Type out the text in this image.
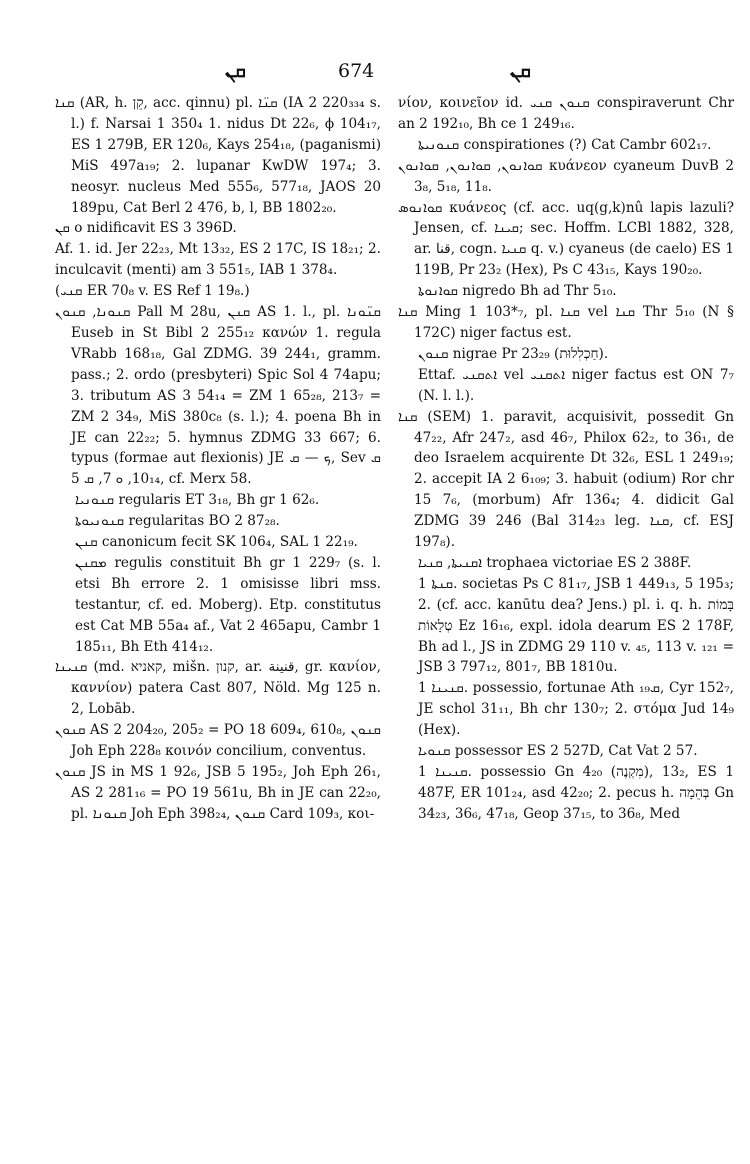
ܩܢ	674	ܩܢ

ܩܢܐ (AR, h. קֵן, acc. qinnu) pl. ܩܢ̈ܐ (IA 2 220₃₃₄ s. l.) f. Narsai 1 350₄ 1. nidus Dt 22₆, ϕ 104₁₇, ES 1 279B, ER 120₆, Kays 254₁₈, (paganismi) MiS 497a₁₉; 2. lupanar KwDW 197₄; 3. neosyr. nucleus Med 555₆, 577₁₈, JAOS 20 189pu, Cat Berl 2 476, b, l, BB 1802₂₀.

ܩܢ o nidificavit ES 3 396D.

Af. 1. id. Jer 22₂₃, Mt 13₃₂, ES 2 17C, IS 18₂₁; 2. inculcavit (menti) am 3 551₅, IAB 1 378₄.

(ܩܢܝ ER 70₈ v. ES Ref 1 19₈.)

ܩܢܘܢܐ, ܩܢܘܢ Pall M 28u, ܩܢܢ AS 1. l., pl. ܩܢ̈ܘܢܐ Euseb in St Bibl 2 255₁₂ κανών 1. regula VRabb 168₁₈, Gal ZDMG. 39 244₁, gramm. pass.; 2. ordo (presbyteri) Spic Sol 4 74apu; 3. tributum AS 3 54₁₄ = ZM 1 65₂₈, 213₇ = ZM 2 34₉, MiS 380c₈ (s. l.); 4. poena Bh in JE can 22₂₂; 5. hymnus ZDMG 33 667; 6. typus (formae aut flexionis) JE ܟ — ܩ, Sev ܩ 10₁₄, ܘ 7, ܩ 5, cf. Merx 58.

ܩܢܘܢܝܐ regularis ET 3₁₈, Bh gr 1 62₆.

ܩܢܘܢܝܘܬܐ regularitas BO 2 87₂₈.

ܩܢܢ canonicum fecit SK 106₄, SAL 1 22₁₉.

ܡܩܢܢ regulis constituit Bh gr 1 229₇ (s. l. etsi Bh errore 2. 1 omisisse libri mss. testantur, cf. ed. Moberg). Etp. constitutus est Cat MB 55a₄ af., Vat 2 465apu, Cambr 1 185₁₁, Bh Eth 414₁₂.

ܩܢܝܢܐ (md. קאניא, mišn. קנון, ar. قنينة, gr. κανίον, καννίον) patera Cast 807, Nöld. Mg 125 n. 2, Lobāb.

ܩܢܘܢ AS 2 204₂₀, 205₂ = PO 18 609₄, 610₈, ܩܢܘܢ Joh Eph 228₈ κοινόν concilium, conventus.

ܩܢܘܢ JS in MS 1 92₆, JSB 5 195₂, Joh Eph 26₁, AS 2 281₁₆ = PO 19 561u, Bh in JE can 22₂₀, pl. ܩܢܘܢܐ Joh Eph 398₂₄, ܩܢܘܢ Card 109₃, κοι-

νίον, κοινεῖον id. ܩܢܘܢ ܩܢܝ conspiraverunt Chr an 2 192₁₀, Bh ce 1 249₁₆.

ܩܢܘܢܝܬܐ conspirationes (?) Cat Cambr 602₁₇.

ܩܘܐܢܘܢ, ܩܘܐܢܘܢ, ܩܘܐܢܘܢ κυάνεον cyaneum DuvB 2 3₈, 5₁₈, 11₈.

ܩܘܐܢܘܣ κυάνεος (cf. acc. uq(g,k)nû lapis lazuli? Jensen, cf. ܩܝܢܐ; sec. Hoffm. LCBl 1882, 328, ar. قنا, cogn. ܩܢܝܐ q. v.) cyaneus (de caelo) ES 1 119B, Pr 23₂ (Hex), Ps C 43₁₅, Kays 190₂₀.

ܩܘܐܢܘܬܐ nigredo Bh ad Thr 5₁₀.

ܩܢܐ Ming 1 103*₇, pl. ܩܢܐ vel ܩܢܐ Thr 5₁₀ (N § 172C) niger factus est.

ܩܢܘܢ nigrae Pr 23₂₉ (חַכְלִלוּת).

Ettaf. ܐܬܩܢܝ vel ܐܬܩܢܝ niger factus est ON 7₇ (N. l. l.).

ܩܢܐ (SEM) 1. paravit, acquisivit, possedit Gn 47₂₂, Afr 247₂, asd 46₇, Philox 62₂, to 36₁, de deo Israelem acquirente Dt 32₆, ESL 1 249₁₉; 2. accepit IA 2 6₁₀₉; 3. habuit (odium) Ror chr 15 7₆, (morbum) Afr 136₄; 4. didicit Gal ZDMG 39 246 (Bal 314₂₃ leg. ܩܢܐ, cf. ESJ 197₈).

ܐܩܢܝܬܐ, ܩܢܝܐ trophaea victoriae ES 2 388F.

ܩܢܬܐ 1. societas Ps C 81₁₇, JSB 1 449₁₃, 5 195₃; 2. (cf. acc. kanūtu dea? Jens.) pl. i. q. h. בָּמוֹת טְלָאוֹת Ez 16₁₆, expl. idola dearum ES 2 178F, Bh ad l., JS in ZDMG 29 110 v. ₄₅, 113 v. ₁₂₁ = JSB 3 797₁₂, 801₇, BB 1810u.

ܩܢܝܢܐ 1. possessio, fortunae Ath ܩ₁₉, Cyr 152₇, JE schol 31₁₁, Bh chr 130₇; 2. στόμα Jud 14₉ (Hex).

ܩܢܘܝܐ possessor ES 2 527D, Cat Vat 2 57.

ܩܢܝܢܐ 1. possessio Gn 4₂₀ (מִקְנֶה), 13₂, ES 1 487F, ER 101₂₄, asd 42₂₀; 2. pecus h. בְּהֵמָה Gn 34₂₃, 36₆, 47₁₈, Geop 37₁₅, to 36₈, Med
